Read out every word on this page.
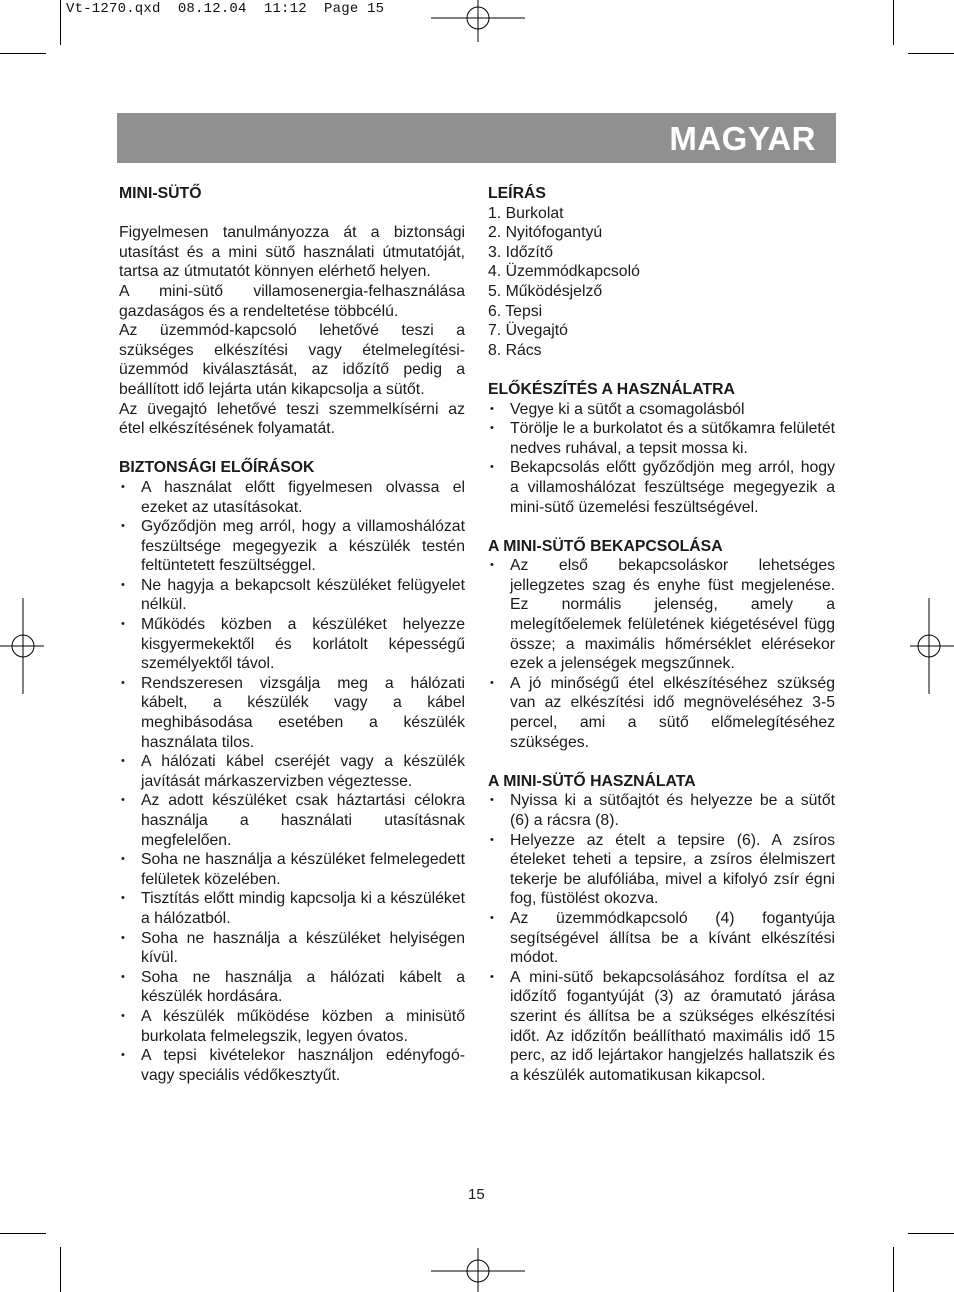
Vt-1270.qxd  08.12.04  11:12  Page 15
MAGYAR

MINI-SÜTŐ

Figyelmesen tanulmányozza át a biztonsági utasítást és a mini sütő használati útmutatóját, tartsa az útmutatót könnyen elérhető helyen.

A mini-sütő villamosenergia-felhasználása gazdaságos és a rendeltetése többcélú.

Az üzemmód-kapcsoló lehetővé teszi a szükséges elkészítési vagy ételmelegítési-üzemmód kiválasztását, az időzítő pedig a beállított idő lejárta után kikapcsolja a sütőt.

Az üvegajtó lehetővé teszi szemmelkísérni az étel elkészítésének folyamatát.

BIZTONSÁGI ELŐÍRÁSOK

• A használat előtt figyelmesen olvassa el ezeket az utasításokat.
• Győződjön meg arról, hogy a villamoshálózat feszültsége megegyezik a készülék testén feltüntetett feszültséggel.
• Ne hagyja a bekapcsolt készüléket felügyelet nélkül.
• Működés közben a készüléket helyezze kisgyermekektől és korlátolt képességű személyektől távol.
• Rendszeresen vizsgálja meg a hálózati kábelt, a készülék vagy a kábel meghibásodása esetében a készülék használata tilos.
• A hálózati kábel cseréjét vagy a készülék javítását márkaszervizben végeztesse.
• Az adott készüléket csak háztartási célokra használja a használati utasításnak megfelelően.
• Soha ne használja a készüléket felmelegedett felületek közelében.
• Tisztítás előtt mindig kapcsolja ki a készüléket a hálózatból.
• Soha ne használja a készüléket helyiségen kívül.
• Soha ne használja a hálózati kábelt a készülék hordására.
• A készülék működése közben a minisütő burkolata felmelegszik, legyen óvatos.
• A tepsi kivételekor használjon edényfogó- vagy speciális védőkesztyűt.

LEÍRÁS

1. Burkolat

2. Nyitófogantyú

3. Időzítő

4. Üzemmódkapcsoló

5. Működésjelző

6. Tepsi

7. Üvegajtó

8. Rács

ELŐKÉSZÍTÉS A HASZNÁLATRA

• Vegye ki a sütőt a csomagolásból
• Törölje le a burkolatot és a sütőkamra felületét nedves ruhával, a tepsit mossa ki.
• Bekapcsolás előtt győződjön meg arról, hogy a villamoshálózat feszültsége megegyezik a mini-sütő üzemelési feszültségével.

A MINI-SÜTŐ BEKAPCSOLÁSA

• Az első bekapcsoláskor lehetséges jellegzetes szag és enyhe füst megjelenése. Ez normális jelenség, amely a melegítőelemek felületének kiégetésével függ össze; a maximális hőmérséklet elérésekor ezek a jelenségek megszűnnek.
• A jó minőségű étel elkészítéséhez szükség van az elkészítési idő megnöveléséhez 3-5 percel, ami a sütő előmelegítéséhez szükséges.

A MINI-SÜTŐ HASZNÁLATA

• Nyissa ki a sütőajtót és helyezze be a sütőt (6) a rácsra (8).
• Helyezze az ételt a tepsire (6). A zsíros ételeket teheti a tepsire, a zsíros élelmiszert tekerje be alufóliába, mivel a kifolyó zsír égni fog, füstölést okozva.
• Az üzemmódkapcsoló (4) fogantyúja segítségével állítsa be a kívánt elkészítési módot.
• A mini-sütő bekapcsolásához fordítsa el az időzítő fogantyúját (3) az óramutató járása szerint és állítsa be a szükséges elkészítési időt. Az időzítőn beállítható maximális idő 15 perc, az idő lejártakor hangjelzés hallatszik és a készülék automatikusan kikapcsol.
15
